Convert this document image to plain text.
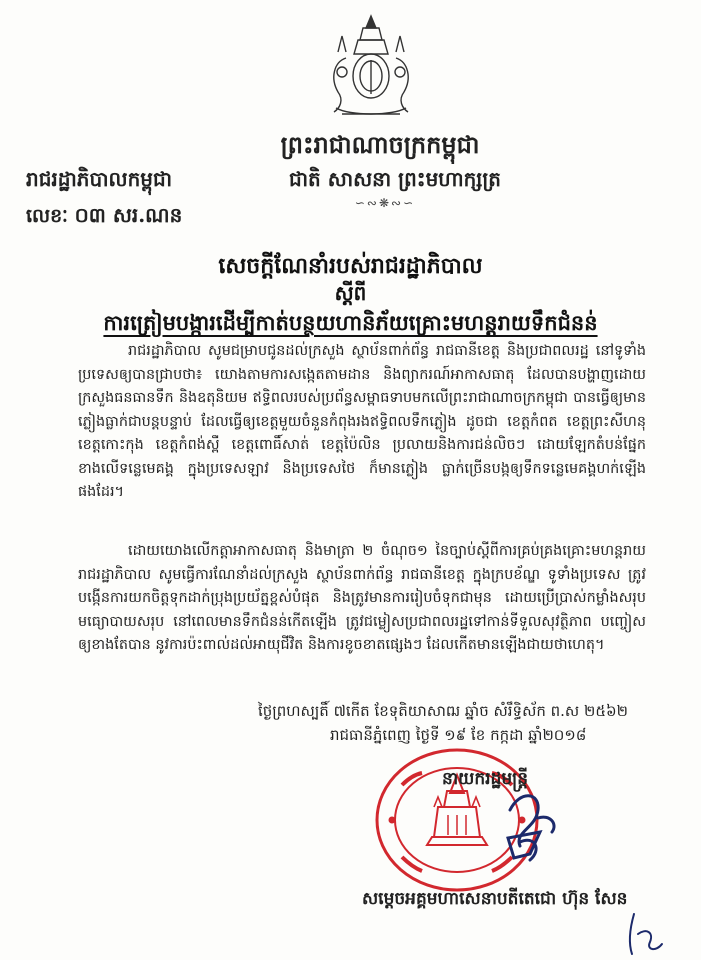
ព្រះរាជាណាចក្រកម្ពុជា
ជាតិ សាសនា ព្រះមហាក្សត្រ
∽∾❋∾∽
រាជរដ្ឋាភិបាលកម្ពុជា
លេខៈ ០៣ សរ.ណន
សេចក្តីណែនាំរបស់រាជរដ្ឋាភិបាល
ស្តីពី
ការត្រៀមបង្ការដើម្បីកាត់បន្ថយហានិភ័យគ្រោះមហន្តរាយទឹកជំនន់
រាជរដ្ឋាភិបាល សូមជម្រាបជូនដល់ក្រសួង ស្ថាប័នពាក់ព័ន្ធ រាជធានីខេត្ត និងប្រជាពលរដ្ឋ នៅទូទាំងប្រទេសឲ្យបានជ្រាបថា៖ យោងតាមការសង្កេតតាមដាន និងព្យាករណ៍អាកាសធាតុ ដែលបានបង្ហាញដោយក្រសួងធនធានទឹក និងឧតុនិយម ឥទ្ធិពលរបស់ប្រព័ន្ធសម្ពាធទាបមកលើព្រះរាជាណាចក្រកម្ពុជា បានធ្វើឲ្យមានភ្លៀងធ្លាក់ជាបន្តបន្ទាប់ ដែលធ្វើឲ្យខេត្តមួយចំនួនកំពុងរងឥទ្ធិពលទឹកភ្លៀង ដូចជា ខេត្តកំពត ខេត្តព្រះសីហនុ ខេត្តកោះកុង ខេត្តកំពង់ស្ពឺ ខេត្តពោធិ៍សាត់ ខេត្តប៉ៃលិន ប្រលាយនិងការជន់លិចៗ ដោយឡែកតំបន់ផ្នែកខាងលើទន្លេមេគង្គ ក្នុងប្រទេសឡាវ និងប្រទេសថៃ ក៏មានភ្លៀង ធ្លាក់ច្រើនបង្កឲ្យទឹកទន្លេមេគង្គហក់ឡើងផងដែរ។
ដោយយោងលើកត្តាអាកាសធាតុ និងមាត្រា ២ ចំណុច១ នៃច្បាប់ស្តីពីការគ្រប់គ្រងគ្រោះមហន្តរាយ រាជរដ្ឋាភិបាល សូមធ្វើការណែនាំដល់ក្រសួង ស្ថាប័នពាក់ព័ន្ធ រាជធានីខេត្ត ក្នុងក្របខ័ណ្ឌ ទូទាំងប្រទេស ត្រូវបង្កើនការយកចិត្តទុកដាក់ប្រុងប្រយ័ត្នខ្ពស់បំផុត និងត្រូវមានការរៀបចំទុកជាមុន ដោយប្រើប្រាស់កម្លាំងសរុប មធ្យោបាយសរុប នៅពេលមានទឹកជំនន់កើតឡើង ត្រូវជម្លៀសប្រជាពលរដ្ឋទៅកាន់ទីទួលសុវត្ថិភាព បញ្ចៀសឲ្យខាងតែបាន នូវការប៉ះពាល់ដល់អាយុជីវិត និងការខូចខាតផ្សេងៗ ដែលកើតមានឡើងជាយថាហេតុ។
ថ្ងៃព្រហស្បតិ៍ ៧កើត ខែទុតិយាសាឍ ឆ្នាំច សំរឹទ្ធិស័ក ព.ស ២៥៦២
រាជធានីភ្នំពេញ ថ្ងៃទី ១៩ ខែ កក្កដា ឆ្នាំ២០១៨
នាយករដ្ឋមន្ត្រី
សម្តេចអគ្គមហាសេនាបតីតេជោ ហ៊ុន សែន
